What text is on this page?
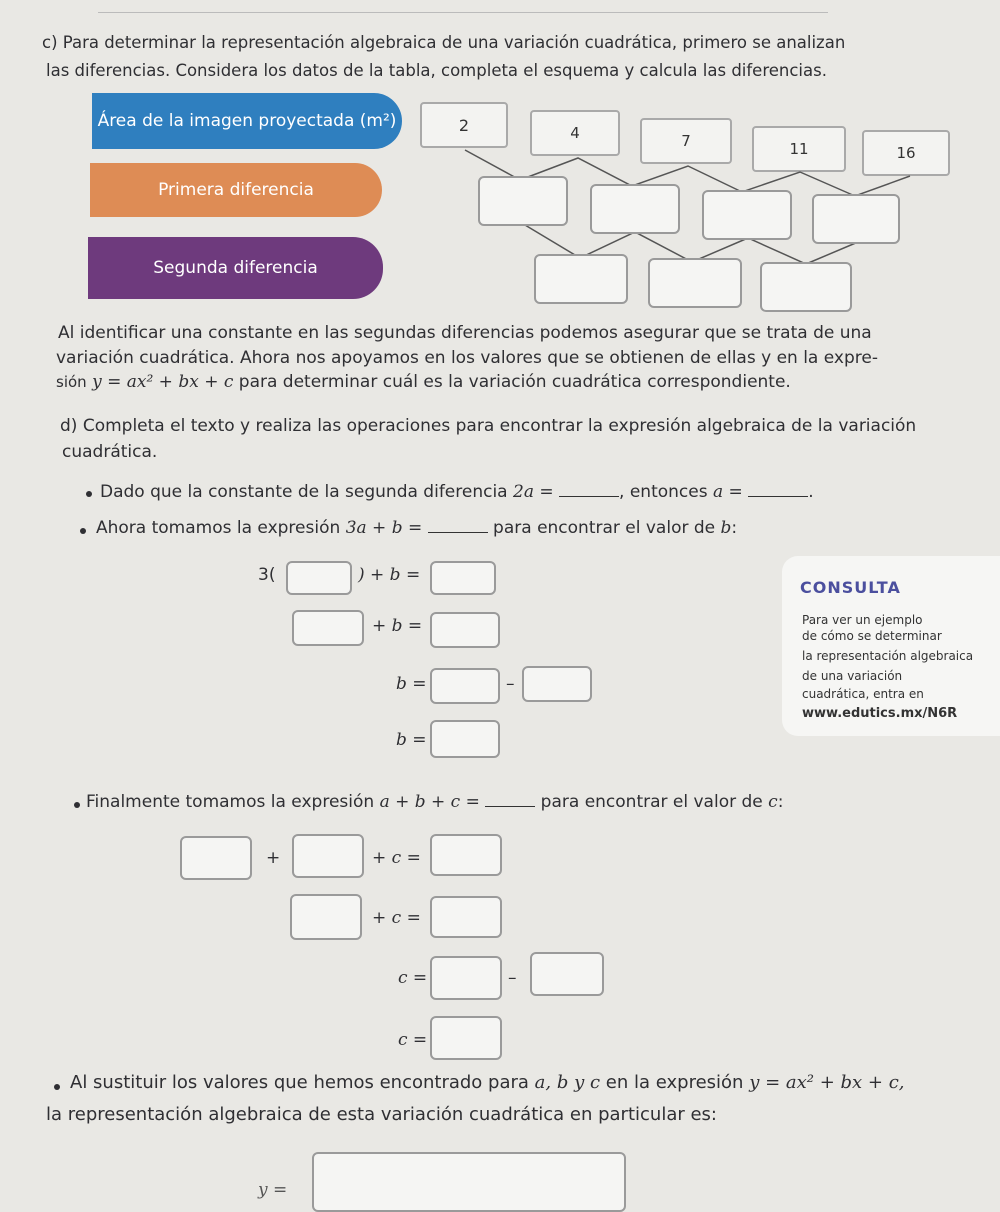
c) Para determinar la representación algebraica de una variación cuadrática, primero se analizan
las diferencias. Considera los datos de la tabla, completa el esquema y calcula las diferencias.
Área de la imagen proyectada (m²)
Primera diferencia
Segunda diferencia
2	4	7	11	16
Al identificar una constante en las segundas diferencias podemos asegurar que se trata de una
variación cuadrática. Ahora nos apoyamos en los valores que se obtienen de ellas y en la expre-
sión y = ax² + bx + c para determinar cuál es la variación cuadrática correspondiente.
d) Completa el texto y realiza las operaciones para encontrar la expresión algebraica de la variación
cuadrática.
Dado que la constante de la segunda diferencia 2a =	, entonces a =	.
Ahora tomamos la expresión 3a + b =	para encontrar el valor de b:
3(	) + b =
+ b =
b =	–
b =
CONSULTA
Para ver un ejemplo
de cómo se determinar
la representación algebraica
de una variación
cuadrática, entra en
www.edutics.mx/N6R
Finalmente tomamos la expresión a + b + c =	para encontrar el valor de c:
+	+ c =
+ c =
c =	–
c =
Al sustituir los valores que hemos encontrado para a, b y c en la expresión y = ax² + bx + c,
la representación algebraica de esta variación cuadrática en particular es:
y =
